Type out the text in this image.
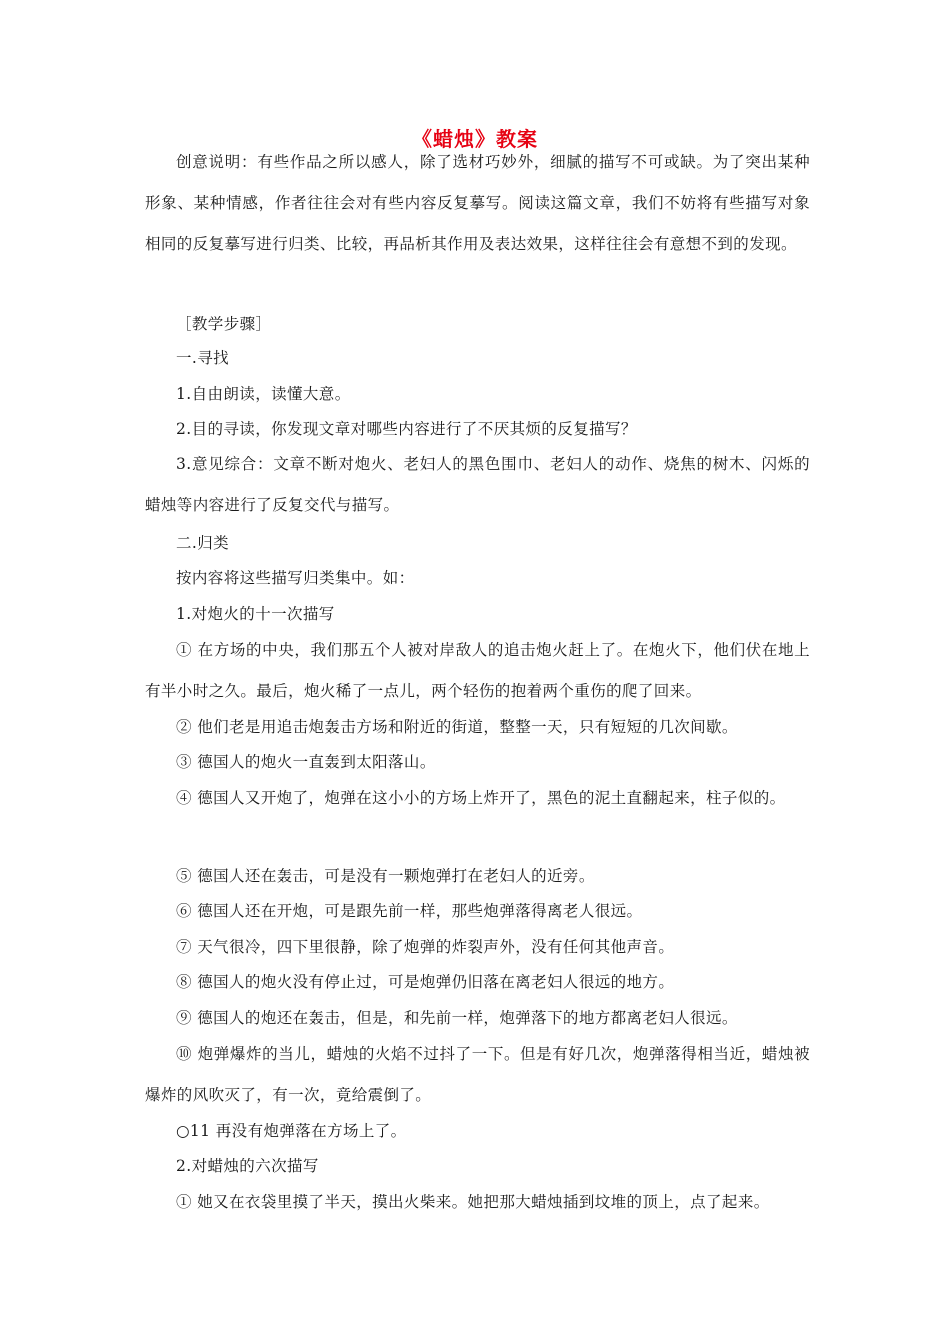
《蜡烛》教案

创意说明：有些作品之所以感人，除了选材巧妙外，细腻的描写不可或缺。为了突出某种形象、某种情感，作者往往会对有些内容反复摹写。阅读这篇文章，我们不妨将有些描写对象相同的反复摹写进行归类、比较，再品析其作用及表达效果，这样往往会有意想不到的发现。

［教学步骤］

一.寻找

1.自由朗读，读懂大意。

2.目的寻读，你发现文章对哪些内容进行了不厌其烦的反复描写？

3.意见综合：文章不断对炮火、老妇人的黑色围巾、老妇人的动作、烧焦的树木、闪烁的蜡烛等内容进行了反复交代与描写。

二.归类

按内容将这些描写归类集中。如：

1.对炮火的十一次描写

① 在方场的中央，我们那五个人被对岸敌人的追击炮火赶上了。在炮火下，他们伏在地上有半小时之久。最后，炮火稀了一点儿，两个轻伤的抱着两个重伤的爬了回来。

② 他们老是用追击炮轰击方场和附近的街道，整整一天，只有短短的几次间歇。

③ 德国人的炮火一直轰到太阳落山。

④ 德国人又开炮了，炮弹在这小小的方场上炸开了，黑色的泥土直翻起来，柱子似的。

⑤ 德国人还在轰击，可是没有一颗炮弹打在老妇人的近旁。

⑥ 德国人还在开炮，可是跟先前一样，那些炮弹落得离老人很远。

⑦ 天气很冷，四下里很静，除了炮弹的炸裂声外，没有任何其他声音。

⑧ 德国人的炮火没有停止过，可是炮弹仍旧落在离老妇人很远的地方。

⑨ 德国人的炮还在轰击，但是，和先前一样，炮弹落下的地方都离老妇人很远。

⑩ 炮弹爆炸的当儿，蜡烛的火焰不过抖了一下。但是有好几次，炮弹落得相当近，蜡烛被爆炸的风吹灭了，有一次，竟给震倒了。

○11 再没有炮弹落在方场上了。

2.对蜡烛的六次描写

① 她又在衣袋里摸了半天，摸出火柴来。她把那大蜡烛插到坟堆的顶上，点了起来。
